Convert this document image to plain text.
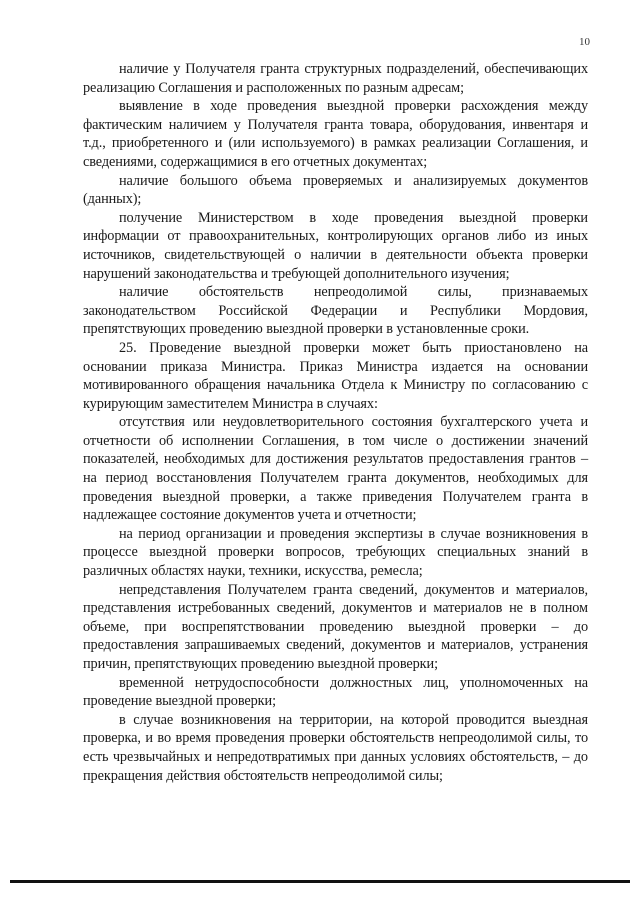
10

наличие у Получателя гранта структурных подразделений, обеспечивающих реализацию Соглашения и расположенных по разным адресам;

выявление в ходе проведения выездной проверки расхождения между фактическим наличием у Получателя гранта товара, оборудования, инвентаря и т.д., приобретенного и (или используемого) в рамках реализации Соглашения, и сведениями, содержащимися в его отчетных документах;

наличие большого объема проверяемых и анализируемых документов (данных);

получение Министерством в ходе проведения выездной проверки информации от правоохранительных, контролирующих органов либо из иных источников, свидетельствующей о наличии в деятельности объекта проверки нарушений законодательства и требующей дополнительного изучения;

наличие обстоятельств непреодолимой силы, признаваемых законодательством Российской Федерации и Республики Мордовия, препятствующих проведению выездной проверки в установленные сроки.

25. Проведение выездной проверки может быть приостановлено на основании приказа Министра. Приказ Министра издается на основании мотивированного обращения начальника Отдела к Министру по согласованию с курирующим заместителем Министра в случаях:

отсутствия или неудовлетворительного состояния бухгалтерского учета и отчетности об исполнении Соглашения, в том числе о достижении значений показателей, необходимых для достижения результатов предоставления грантов – на период восстановления Получателем гранта документов, необходимых для проведения выездной проверки, а также приведения Получателем гранта в надлежащее состояние документов учета и отчетности;

на период организации и проведения экспертизы в случае возникновения в процессе выездной проверки вопросов, требующих специальных знаний в различных областях науки, техники, искусства, ремесла;

непредставления Получателем гранта сведений, документов и материалов, представления истребованных сведений, документов и материалов не в полном объеме, при воспрепятствовании проведению выездной проверки – до предоставления запрашиваемых сведений, документов и материалов, устранения причин, препятствующих проведению выездной проверки;

временной нетрудоспособности должностных лиц, уполномоченных на проведение выездной проверки;

в случае возникновения на территории, на которой проводится выездная проверка, и во время проведения проверки обстоятельств непреодолимой силы, то есть чрезвычайных и непредотвратимых при данных условиях обстоятельств, – до прекращения действия обстоятельств непреодолимой силы;
